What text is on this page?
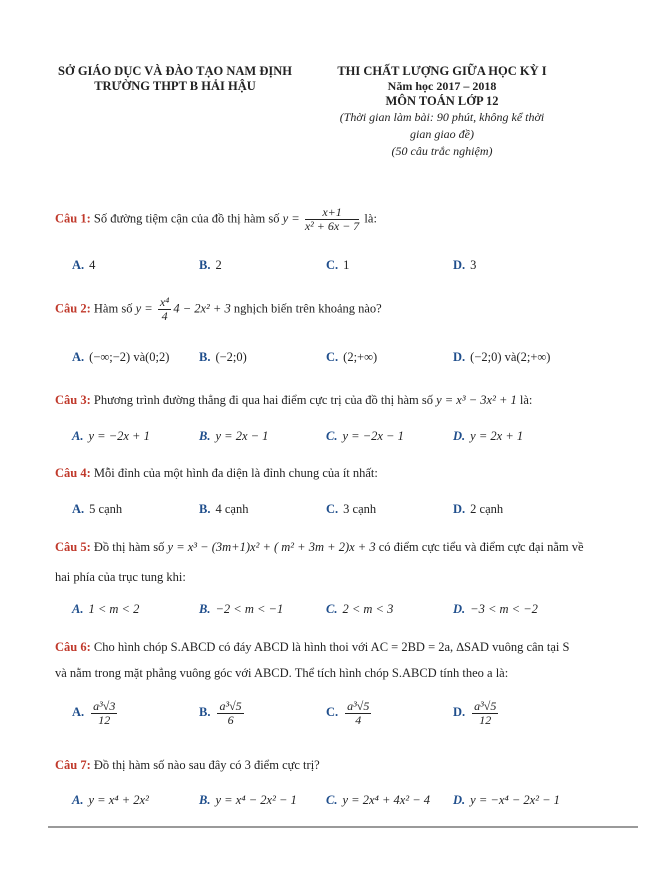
SỞ GIÁO DỤC VÀ ĐÀO TẠO NAM ĐỊNH
TRƯỜNG THPT B HẢI HẬU
THI CHẤT LƯỢNG GIỮA HỌC KỲ I
Năm học 2017 – 2018
MÔN TOÁN LỚP 12
(Thời gian làm bài: 90 phút, không kể thời
gian giao đề)
(50 câu trắc nghiệm)
Câu 1: Số đường tiệm cận của đồ thị hàm số $y = \frac{x+1}{\text{x² + 6x − 7}}$ là:
A. 4	B. 2	C. 1	D. 3
Câu 2: Hàm số $y = \frac{\text{x⁴}}{4} 4 - 2x^2 + 3$ nghịch biến trên khoảng nào?
A. (−∞;−2) và(0;2) B. (−2;0)	C. (2;+∞)	D. (−2;0) và(2;+∞)
Câu 3: Phương trình đường thẳng đi qua hai điểm cực trị của đồ thị hàm số y = x³ − 3x² + 1 là:
A. y = −2x + 1	B. y = 2x − 1	C. y = −2x − 1	D. y = 2x + 1
Câu 4: Mỗi đỉnh của một hình đa diện là đỉnh chung của ít nhất:
A. 5 cạnh	B. 4 cạnh	C. 3 cạnh	D. 2 cạnh
Câu 5: Đồ thị hàm số y = x³ − (3m+1)x² + ( m² + 3m + 2)x + 3 có điểm cực tiểu và điểm cực đại nằm về
hai phía của trục tung khi:
A. 1 < m < 2	B. −2 < m < −1	C. 2 < m < 3	D. −3 < m < −2
Câu 6: Cho hình chóp S.ABCD có đáy ABCD là hình thoi với AC = 2BD = 2a, ∆SAD vuông cân tại S
và nằm trong mặt phẳng vuông góc với ABCD. Thể tích hình chóp S.ABCD tính theo a là:
A. $\frac{\text{a³√3}}{12}$	B. $\frac{\text{a³√5}}{6}$	C. $\frac{\text{a³√5}}{4}$	D. $\frac{\text{a³√5}}{12}$
Câu 7: Đồ thị hàm số nào sau đây có 3 điểm cực trị?
A. y = x⁴ + 2x²	B. y = x⁴ − 2x² − 1 C. y = 2x⁴ + 4x² − 4 D. y = −x⁴ − 2x² − 1
